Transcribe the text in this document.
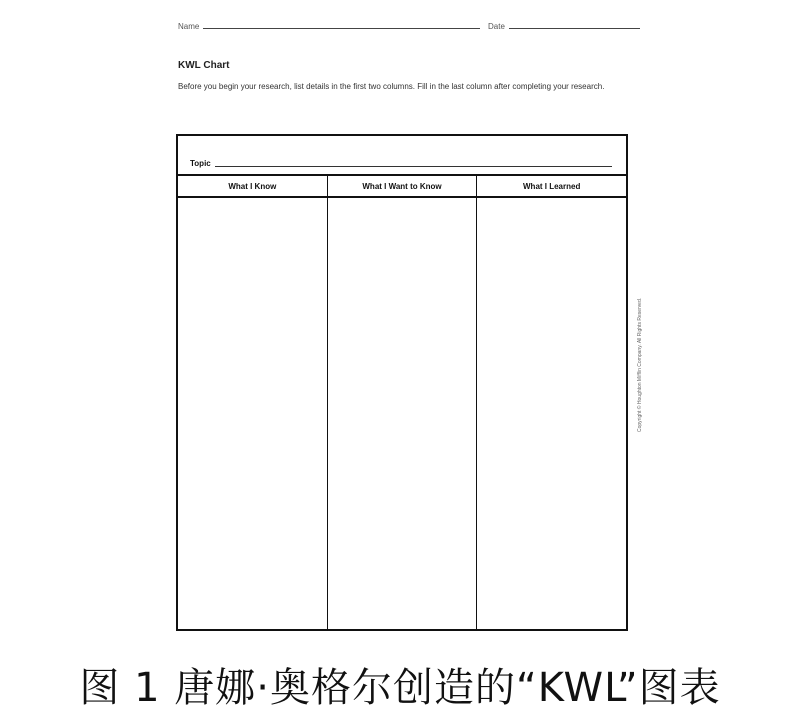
Name	Date
KWL Chart
Before you begin your research, list details in the first two columns. Fill in the last column after completing your research.
Topic
What I Know	What I Want to Know	What I Learned
Copyright © Houghton Mifflin Company. All Rights Reserved.
图 1 唐娜·奥格尔创造的“KWL”图表
